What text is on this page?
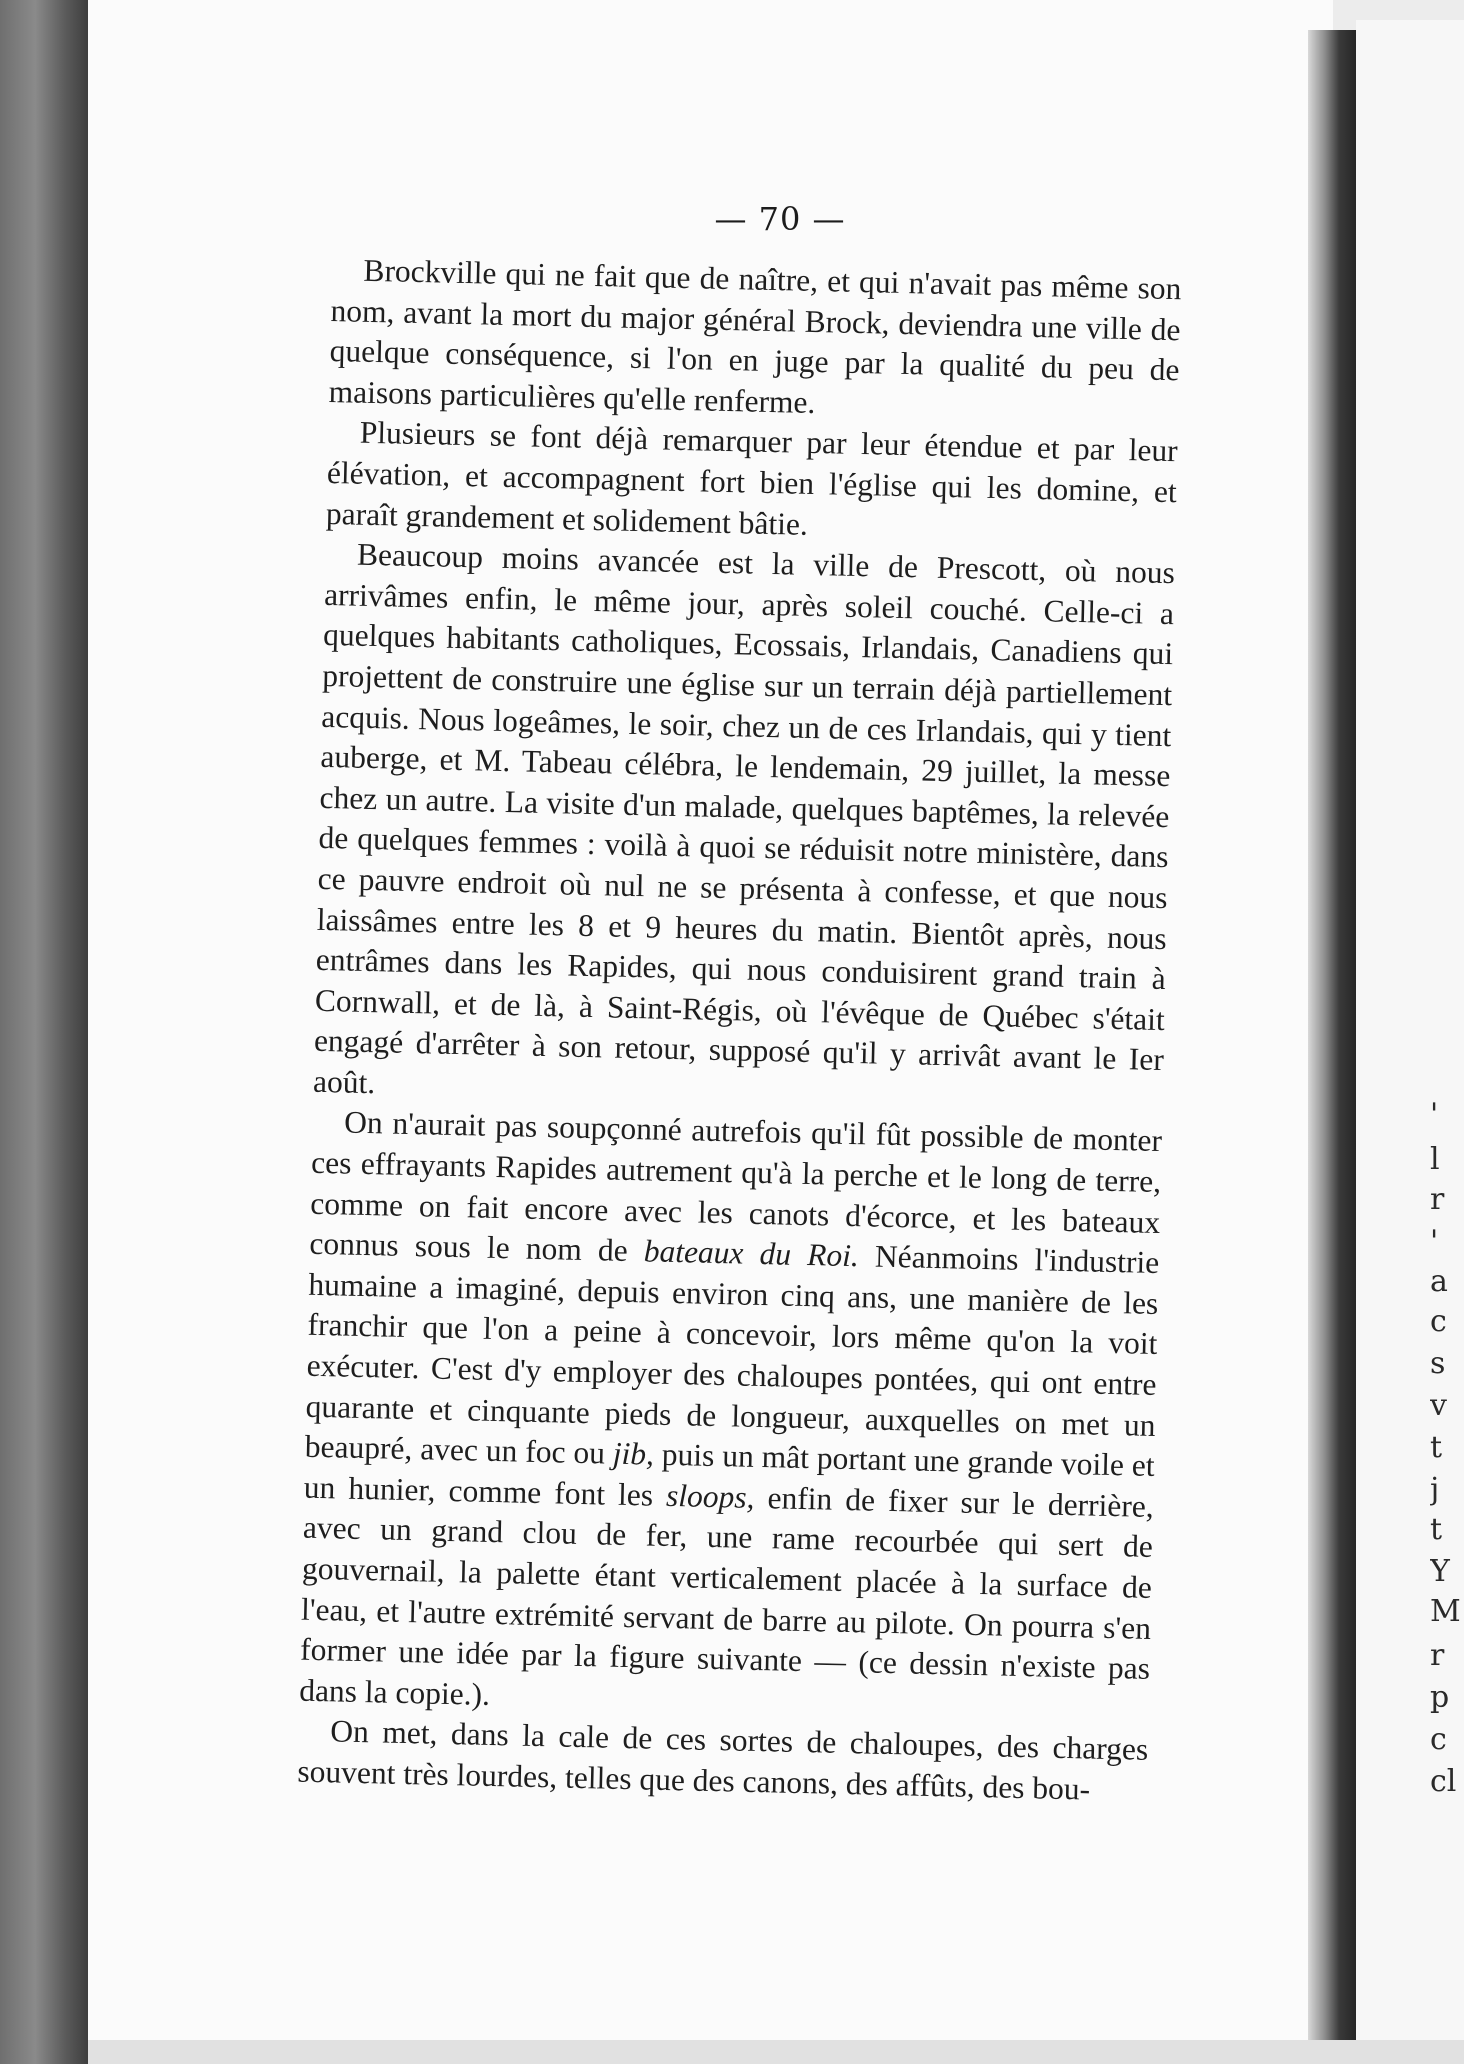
'
l
r
'
a
c
s
v
t
j
t
Y
M
r
p
c
cl
— 70 —

Brockville qui ne fait que de naître, et qui n'avait pas même son nom, avant la mort du major général Brock, deviendra une ville de quelque conséquence, si l'on en juge par la qualité du peu de maisons particulières qu'elle renferme.

Plusieurs se font déjà remarquer par leur étendue et par leur élévation, et accompagnent fort bien l'église qui les domine, et paraît grandement et solidement bâtie.

Beaucoup moins avancée est la ville de Prescott, où nous arrivâmes enfin, le même jour, après soleil couché. Celle-ci a quelques habitants catholiques, Ecossais, Irlandais, Canadiens qui projettent de construire une église sur un terrain déjà partiellement acquis. Nous logeâmes, le soir, chez un de ces Irlandais, qui y tient auberge, et M. Tabeau célébra, le lendemain, 29 juillet, la messe chez un autre. La visite d'un malade, quelques baptêmes, la relevée de quelques femmes : voilà à quoi se réduisit notre ministère, dans ce pauvre endroit où nul ne se présenta à confesse, et que nous laissâmes entre les 8 et 9 heures du matin. Bientôt après, nous entrâmes dans les Rapides, qui nous conduisirent grand train à Cornwall, et de là, à Saint-Régis, où l'évêque de Québec s'était engagé d'arrêter à son retour, supposé qu'il y arrivât avant le Ier août.

On n'aurait pas soupçonné autrefois qu'il fût possible de monter ces effrayants Rapides autrement qu'à la perche et le long de terre, comme on fait encore avec les canots d'écorce, et les bateaux connus sous le nom de bateaux du Roi. Néanmoins l'industrie humaine a imaginé, depuis environ cinq ans, une manière de les franchir que l'on a peine à concevoir, lors même qu'on la voit exécuter. C'est d'y employer des chaloupes pontées, qui ont entre quarante et cinquante pieds de longueur, auxquelles on met un beaupré, avec un foc ou jib, puis un mât portant une grande voile et un hunier, comme font les sloops, enfin de fixer sur le derrière, avec un grand clou de fer, une rame recourbée qui sert de gouvernail, la palette étant verticalement placée à la surface de l'eau, et l'autre extrémité servant de barre au pilote. On pourra s'en former une idée par la figure suivante — (ce dessin n'existe pas dans la copie.).

On met, dans la cale de ces sortes de chaloupes, des charges souvent très lourdes, telles que des canons, des affûts, des bou-
